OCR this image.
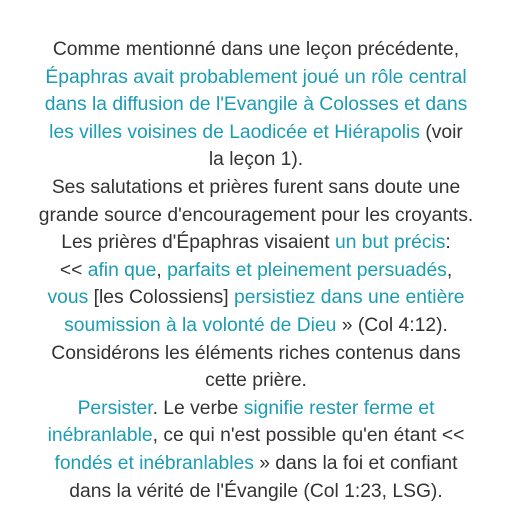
Comme mentionné dans une leçon précédente,
Épaphras avait probablement joué un rôle central
dans la diffusion de l'Evangile à Colosses et dans
les villes voisines de Laodicée et Hiérapolis (voir
la leçon 1).
Ses salutations et prières furent sans doute une
grande source d'encouragement pour les croyants.
Les prières d'Épaphras visaient un but précis:
<< afin que, parfaits et pleinement persuadés,
vous [les Colossiens] persistiez dans une entière
soumission à la volonté de Dieu » (Col 4:12).
Considérons les éléments riches contenus dans
cette prière.
Persister. Le verbe signifie rester ferme et
inébranlable, ce qui n'est possible qu'en étant <<
fondés et inébranlables » dans la foi et confiant
dans la vérité de l'Évangile (Col 1:23, LSG).
